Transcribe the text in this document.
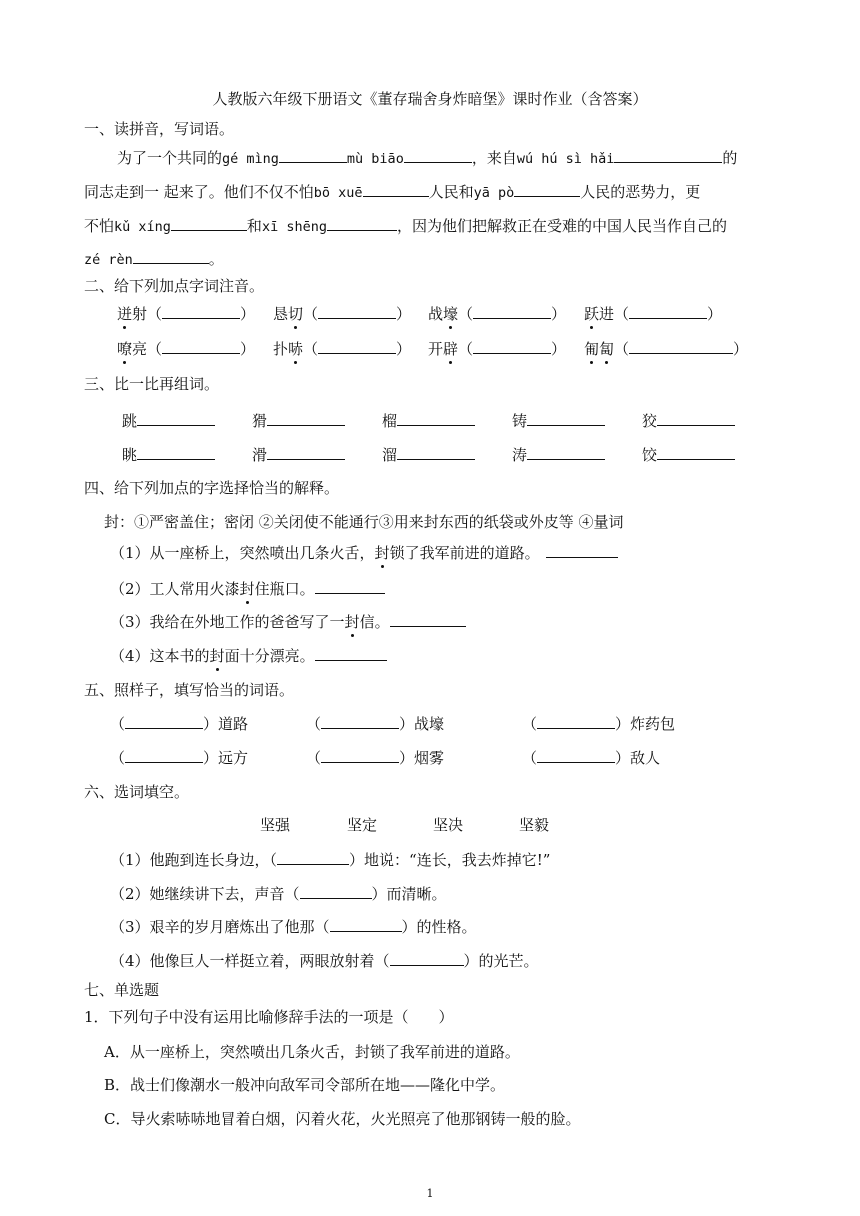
人教版六年级下册语文《董存瑞舍身炸暗堡》课时作业（含答案）
一、读拼音，写词语。
为了一个共同的gé mìng	mù biāo	，来自wú hú sì hǎi	的
同志走到一 起来了。他们不仅不怕bō xuē	人民和yā pò	人民的恶势力，更
不怕kǔ xíng	和xī shēng	，因为他们把解救正在受难的中国人民当作自己的
zé rèn	。
二、给下列加点字词注音。
迸射（	） 恳切（	） 战壕（	） 跃进（	）
嘹亮（	） 扑哧（	） 开辟（	） 匍匐（	）
三、比一比再组词。
跳	猾	榴	铸	狡
眺	滑	溜	涛	饺
四、给下列加点的字选择恰当的解释。
封：①严密盖住；密闭 ②关闭使不能通行③用来封东西的纸袋或外皮等 ④量词
（1）从一座桥上，突然喷出几条火舌，封锁了我军前进的道路。
（2）工人常用火漆封住瓶口。
（3）我给在外地工作的爸爸写了一封信。
（4）这本书的封面十分漂亮。
五、照样子，填写恰当的词语。
（	）道路	（	）战壕	（	）炸药包
（	）远方	（	）烟雾	（	）敌人
六、选词填空。
坚强	坚定	坚决	坚毅
（1）他跑到连长身边，（	）地说：“连长，我去炸掉它!”
（2）她继续讲下去，声音（	）而清晰。
（3）艰辛的岁月磨炼出了他那（	）的性格。
（4）他像巨人一样挺立着，两眼放射着（	）的光芒。
七、单选题
1．下列句子中没有运用比喻修辞手法的一项是（　　）
A．从一座桥上，突然喷出几条火舌，封锁了我军前进的道路。
B．战士们像潮水一般冲向敌军司令部所在地——隆化中学。
C．导火索哧哧地冒着白烟，闪着火花，火光照亮了他那钢铸一般的脸。
1
